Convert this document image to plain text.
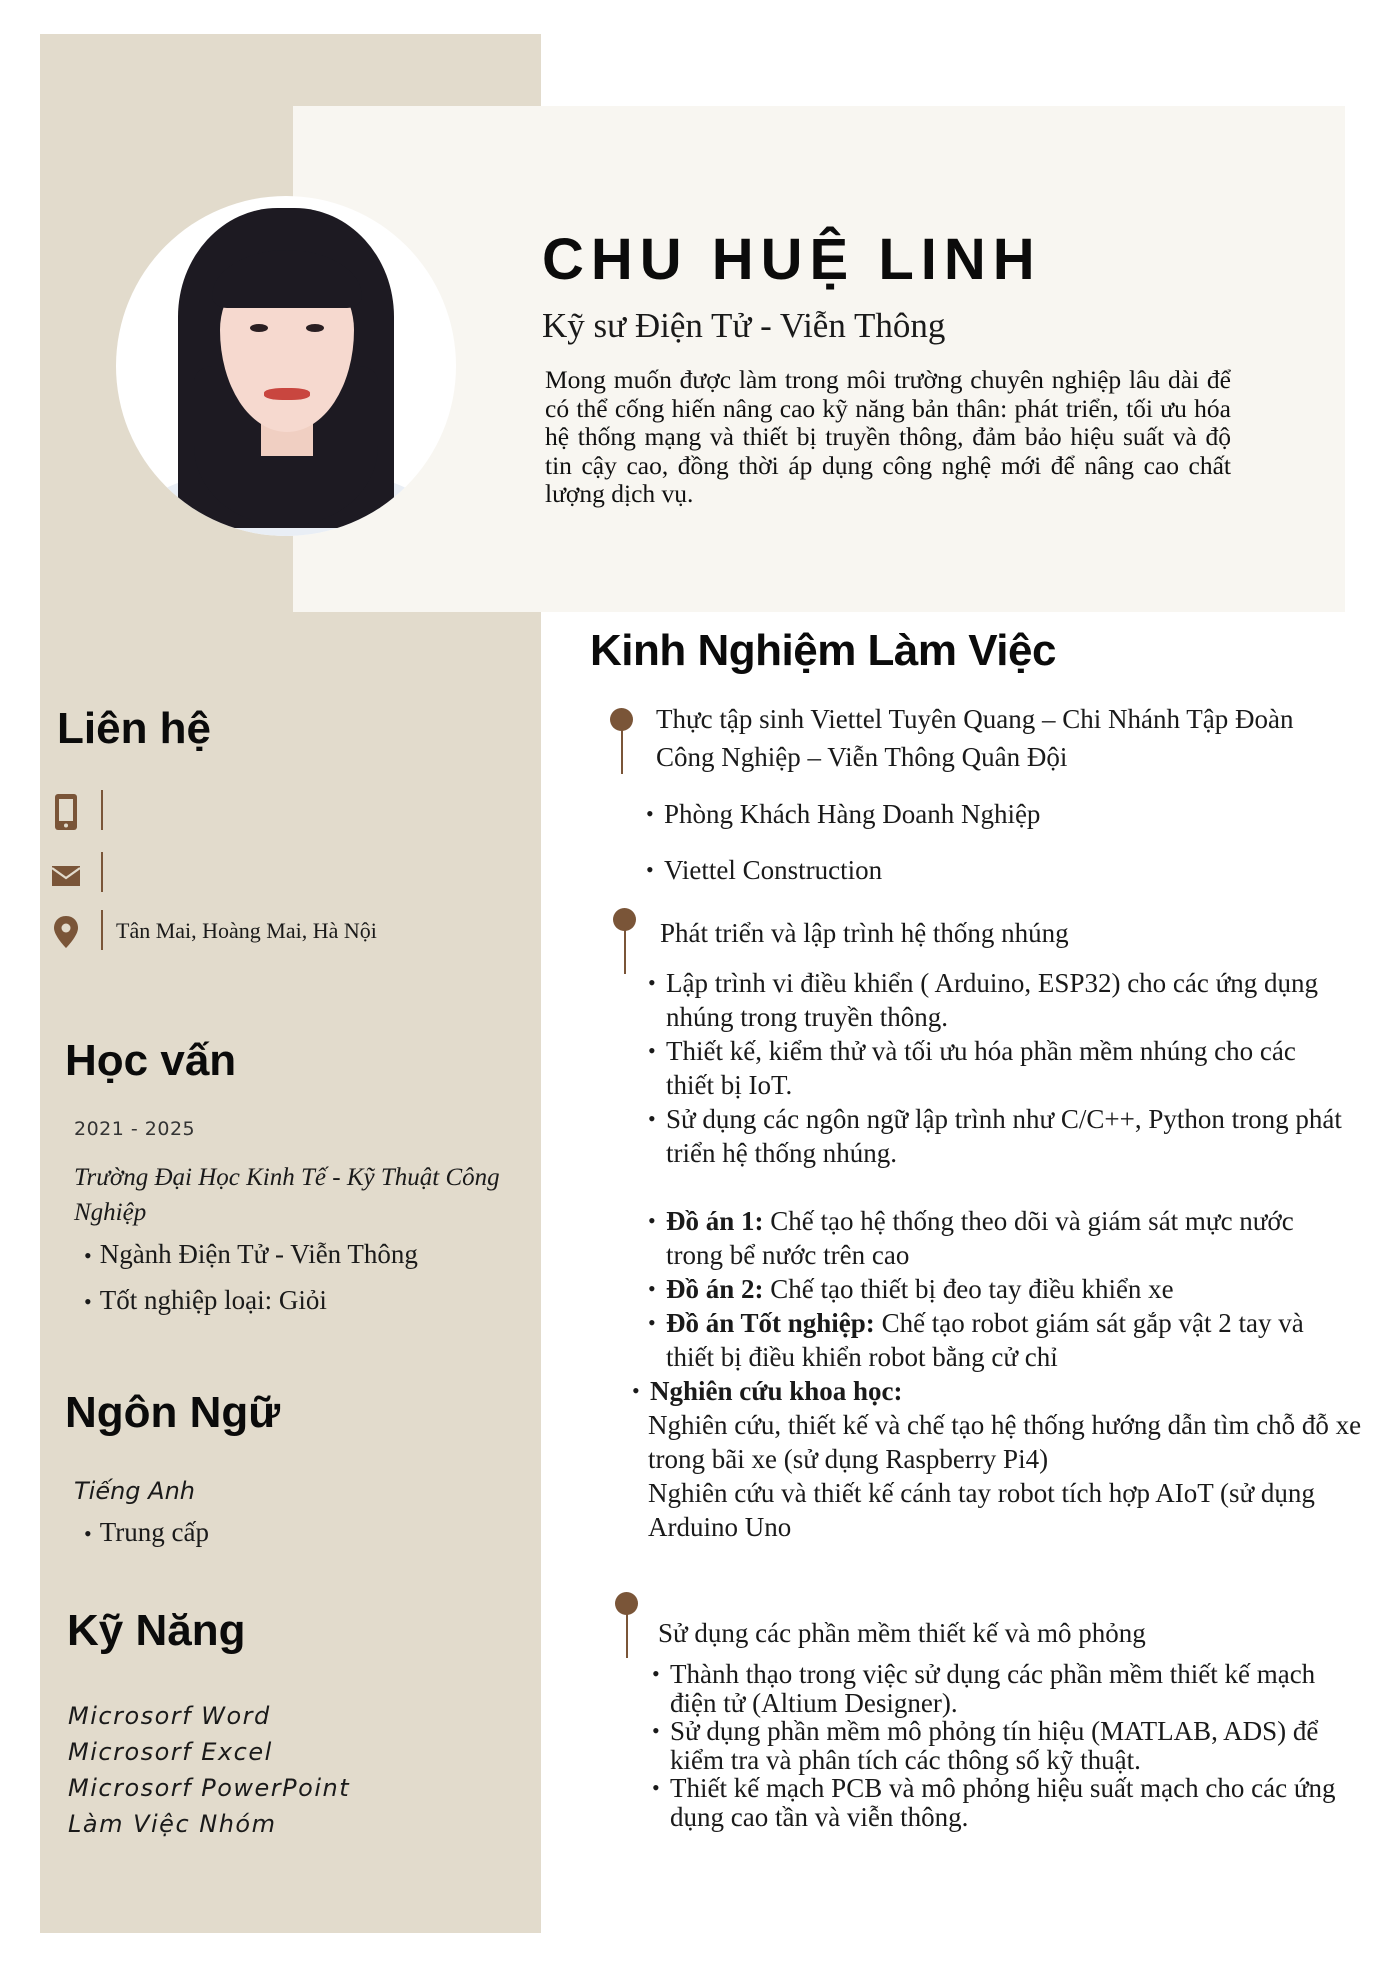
CHU HUỆ LINH
Kỹ sư Điện Tử - Viễn Thông

Mong muốn được làm trong môi trường chuyên nghiệp lâu dài để có thể cống hiến nâng cao kỹ năng bản thân: phát triển, tối ưu hóa hệ thống mạng và thiết bị truyền thông, đảm bảo hiệu suất và độ tin cậy cao, đồng thời áp dụng công nghệ mới để nâng cao chất lượng dịch vụ.

Liên hệ
Tân Mai, Hoàng Mai, Hà Nội
Học vấn
2021 - 2025
Trường Đại Học Kinh Tế - Kỹ Thuật Công Nghiệp
• Ngành Điện Tử - Viễn Thông
• Tốt nghiệp loại: Giỏi
Ngôn Ngữ
Tiếng Anh
• Trung cấp
Kỹ Năng
Microsorf Word
Microsorf Excel
Microsorf PowerPoint
Làm Việc Nhóm
Kinh Nghiệm Làm Việc
Thực tập sinh Viettel Tuyên Quang – Chi Nhánh Tập Đoàn Công Nghiệp – Viễn Thông Quân Đội
• Phòng Khách Hàng Doanh Nghiệp
• Viettel Construction
Phát triển và lập trình hệ thống nhúng
• Lập trình vi điều khiển ( Arduino, ESP32) cho các ứng dụng nhúng trong truyền thông.
• Thiết kế, kiểm thử và tối ưu hóa phần mềm nhúng cho các thiết bị IoT.
• Sử dụng các ngôn ngữ lập trình như C/C++, Python trong phát triển hệ thống nhúng.
• Đồ án 1: Chế tạo hệ thống theo dõi và giám sát mực nước trong bể nước trên cao
• Đồ án 2: Chế tạo thiết bị đeo tay điều khiển xe
• Đồ án Tốt nghiệp: Chế tạo robot giám sát gắp vật 2 tay và thiết bị điều khiển robot bằng cử chỉ
• Nghiên cứu khoa học:
Nghiên cứu, thiết kế và chế tạo hệ thống hướng dẫn tìm chỗ đỗ xe trong bãi xe (sử dụng Raspberry Pi4)
Nghiên cứu và thiết kế cánh tay robot tích hợp AIoT (sử dụng Arduino Uno
Sử dụng các phần mềm thiết kế và mô phỏng
• Thành thạo trong việc sử dụng các phần mềm thiết kế mạch điện tử (Altium Designer).
• Sử dụng phần mềm mô phỏng tín hiệu (MATLAB, ADS) để kiểm tra và phân tích các thông số kỹ thuật.
• Thiết kế mạch PCB và mô phỏng hiệu suất mạch cho các ứng dụng cao tần và viễn thông.
